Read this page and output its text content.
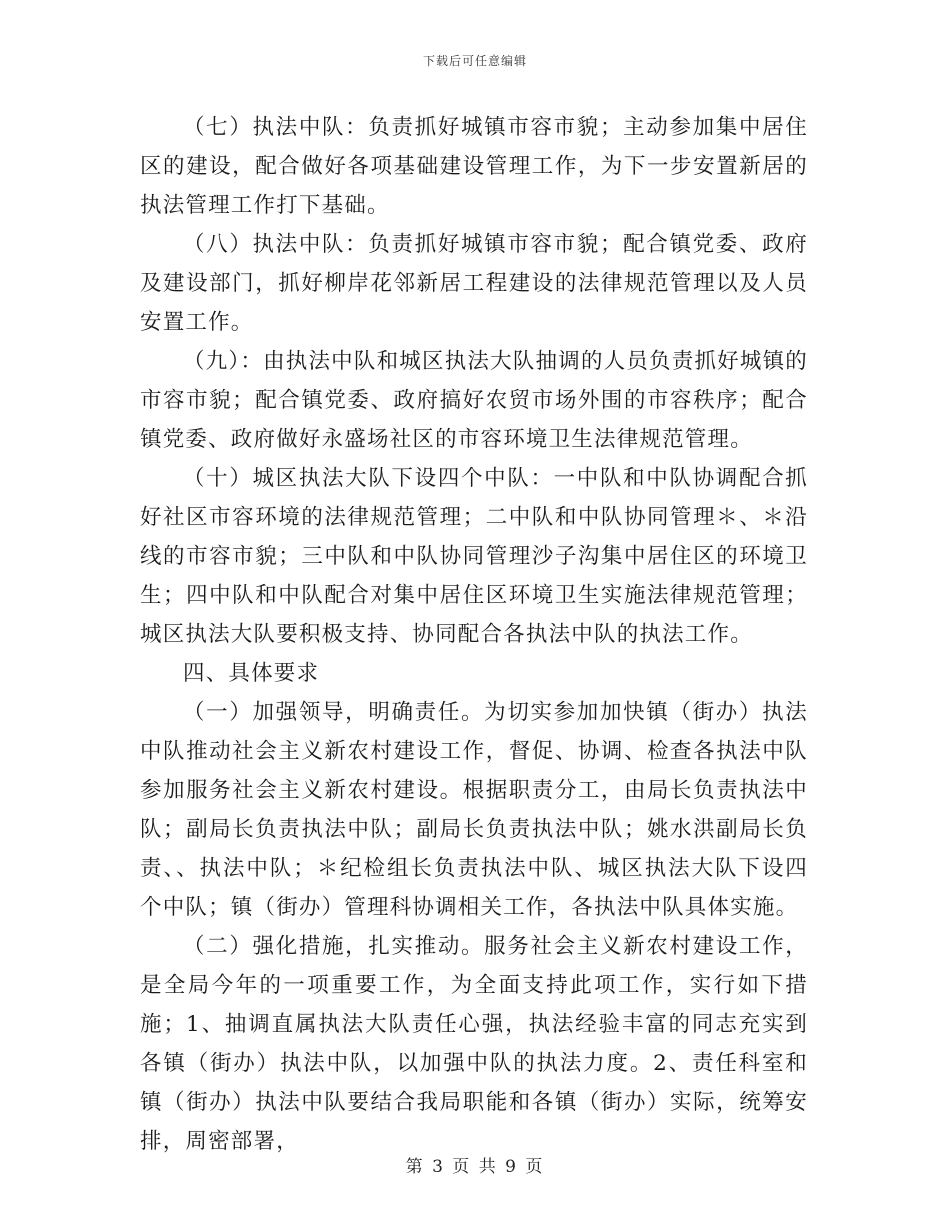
下载后可任意编辑

（七）执法中队：负责抓好城镇市容市貌；主动参加集中居住区的建设，配合做好各项基础建设管理工作，为下一步安置新居的执法管理工作打下基础。

（八）执法中队：负责抓好城镇市容市貌；配合镇党委、政府及建设部门，抓好柳岸花邻新居工程建设的法律规范管理以及人员安置工作。

（九）：由执法中队和城区执法大队抽调的人员负责抓好城镇的市容市貌；配合镇党委、政府搞好农贸市场外围的市容秩序；配合镇党委、政府做好永盛场社区的市容环境卫生法律规范管理。

（十）城区执法大队下设四个中队：一中队和中队协调配合抓好社区市容环境的法律规范管理；二中队和中队协同管理＊、＊沿线的市容市貌；三中队和中队协同管理沙子沟集中居住区的环境卫生；四中队和中队配合对集中居住区环境卫生实施法律规范管理；城区执法大队要积极支持、协同配合各执法中队的执法工作。

四、具体要求

（一）加强领导，明确责任。为切实参加加快镇（街办）执法中队推动社会主义新农村建设工作，督促、协调、检查各执法中队参加服务社会主义新农村建设。根据职责分工，由局长负责执法中队；副局长负责执法中队；副局长负责执法中队；姚水洪副局长负责、、执法中队；＊纪检组长负责执法中队、城区执法大队下设四个中队；镇（街办）管理科协调相关工作，各执法中队具体实施。

（二）强化措施，扎实推动。服务社会主义新农村建设工作，是全局今年的一项重要工作，为全面支持此项工作，实行如下措施；1、抽调直属执法大队责任心强，执法经验丰富的同志充实到各镇（街办）执法中队，以加强中队的执法力度。2、责任科室和镇（街办）执法中队要结合我局职能和各镇（街办）实际，统筹安排，周密部署，

第 3 页 共 9 页
